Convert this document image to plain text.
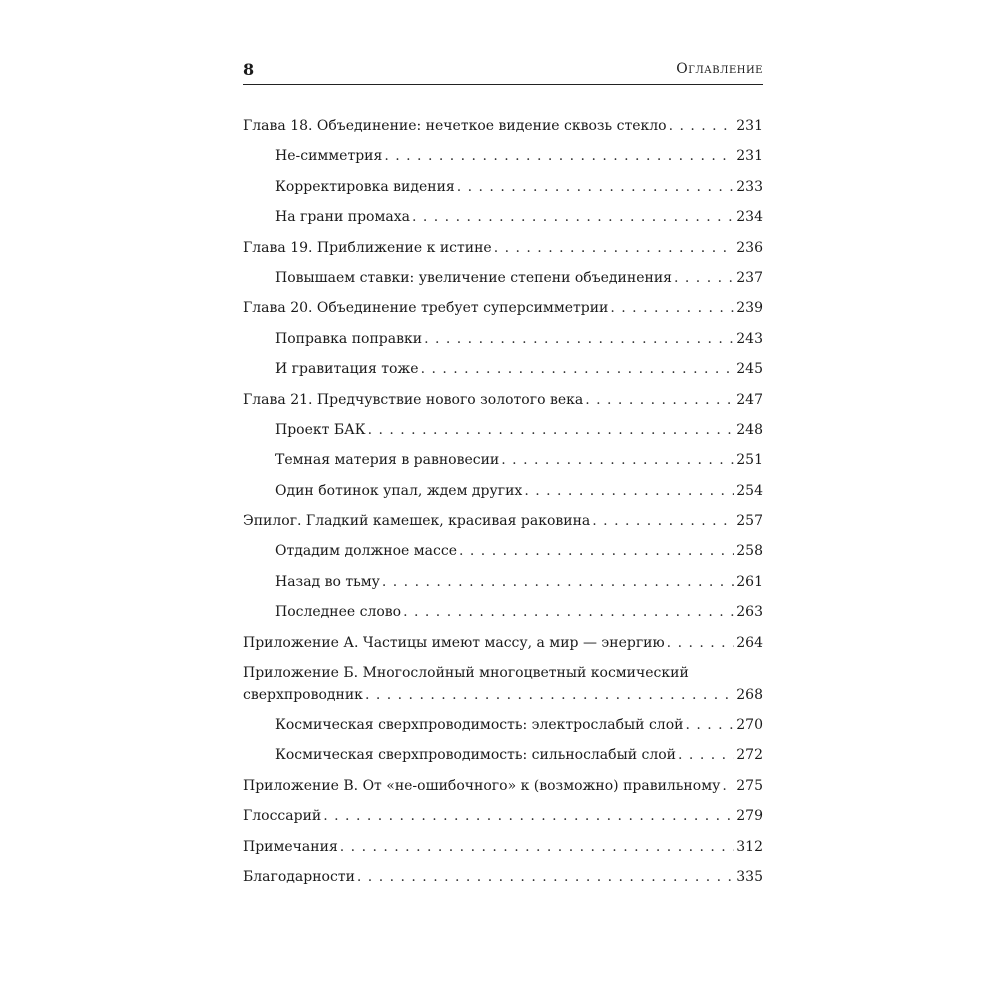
8	Оглавление
Глава 18. Объединение: нечеткое видение сквозь стекло . . .	231
Не-симметрия . . .	231
Корректировка видения . . .	233
На грани промаха . . .	234
Глава 19. Приближение к истине . . .	236
Повышаем ставки: увеличение степени объединения . . .	237
Глава 20. Объединение требует суперсимметрии . . .	239
Поправка поправки . . .	243
И гравитация тоже . . .	245
Глава 21. Предчувствие нового золотого века . . .	247
Проект БАК . . .	248
Темная материя в равновесии . . .	251
Один ботинок упал, ждем других . . .	254
Эпилог. Гладкий камешек, красивая раковина . . .	257
Отдадим должное массе . . .	258
Назад во тьму . . .	261
Последнее слово . . .	263
Приложение А. Частицы имеют массу, а мир — энергию . . .	264
Приложение Б. Многослойный многоцветный космический
сверхпроводник . . .	268
Космическая сверхпроводимость: электрослабый слой . . .	270
Космическая сверхпроводимость: сильнослабый слой . . .	272
Приложение В. От «не-ошибочного» к (возможно) правильному . . . 275
Глоссарий . . .	279
Примечания . . .	312
Благодарности . . .	335
